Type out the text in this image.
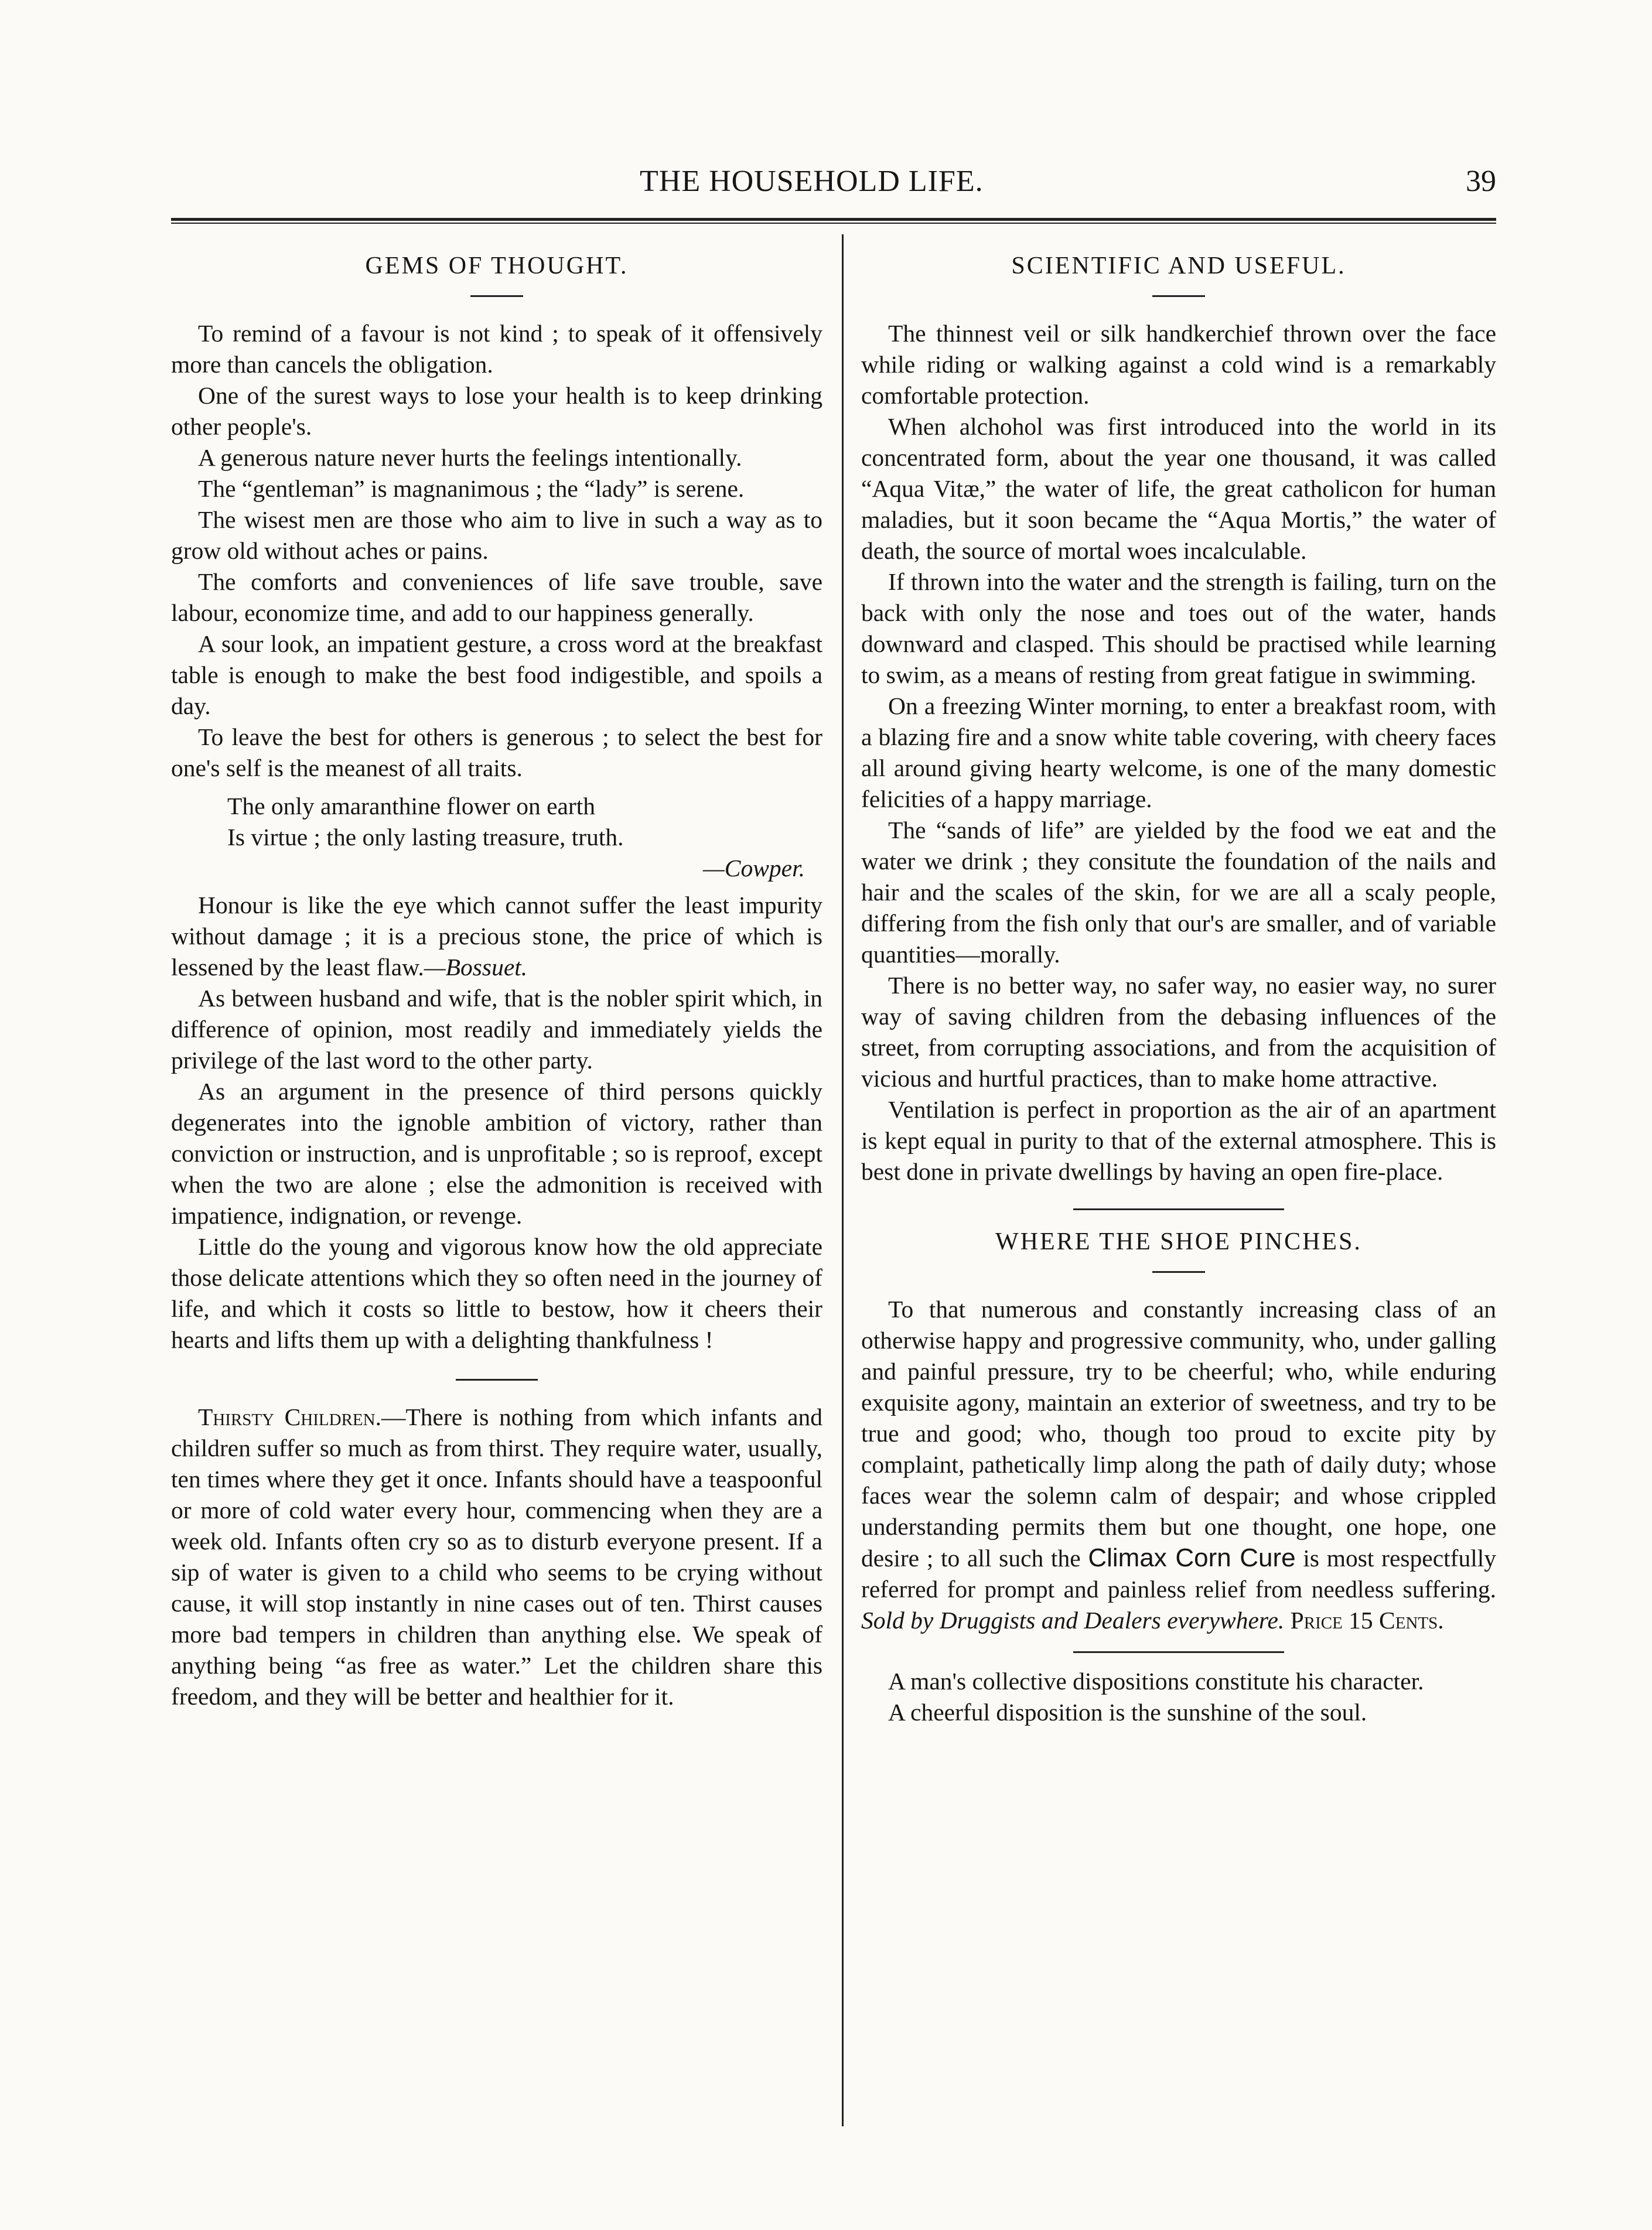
THE HOUSEHOLD LIFE.	39
GEMS OF THOUGHT.

To remind of a favour is not kind ; to speak of it offensively more than cancels the obligation.

One of the surest ways to lose your health is to keep drinking other people's.

A generous nature never hurts the feelings intentionally.

The “gentleman” is magnanimous ; the “lady” is serene.

The wisest men are those who aim to live in such a way as to grow old without aches or pains.

The comforts and conveniences of life save trouble, save labour, economize time, and add to our happiness generally.

A sour look, an impatient gesture, a cross word at the breakfast table is enough to make the best food indigestible, and spoils a day.

To leave the best for others is generous ; to select the best for one's self is the meanest of all traits.

The only amaranthine flower on earth
Is virtue ; the only lasting treasure, truth.
—Cowper.

Honour is like the eye which cannot suffer the least impurity without damage ; it is a precious stone, the price of which is lessened by the least flaw.—Bossuet.

As between husband and wife, that is the nobler spirit which, in difference of opinion, most readily and immediately yields the privilege of the last word to the other party.

As an argument in the presence of third persons quickly degenerates into the ignoble ambition of victory, rather than conviction or instruction, and is unprofitable ; so is reproof, except when the two are alone ; else the admonition is received with impatience, indignation, or revenge.

Little do the young and vigorous know how the old appreciate those delicate attentions which they so often need in the journey of life, and which it costs so little to bestow, how it cheers their hearts and lifts them up with a delighting thankfulness !

Thirsty Children.—There is nothing from which infants and children suffer so much as from thirst. They require water, usually, ten times where they get it once. Infants should have a teaspoonful or more of cold water every hour, commencing when they are a week old. Infants often cry so as to disturb everyone present. If a sip of water is given to a child who seems to be crying without cause, it will stop instantly in nine cases out of ten. Thirst causes more bad tempers in children than anything else. We speak of anything being “as free as water.” Let the children share this freedom, and they will be better and healthier for it.

SCIENTIFIC AND USEFUL.

The thinnest veil or silk handkerchief thrown over the face while riding or walking against a cold wind is a remarkably comfortable protection.

When alchohol was first introduced into the world in its concentrated form, about the year one thousand, it was called “Aqua Vitæ,” the water of life, the great catholicon for human maladies, but it soon became the “Aqua Mortis,” the water of death, the source of mortal woes incalculable.

If thrown into the water and the strength is failing, turn on the back with only the nose and toes out of the water, hands downward and clasped. This should be practised while learning to swim, as a means of resting from great fatigue in swimming.

On a freezing Winter morning, to enter a breakfast room, with a blazing fire and a snow white table covering, with cheery faces all around giving hearty welcome, is one of the many domestic felicities of a happy marriage.

The “sands of life” are yielded by the food we eat and the water we drink ; they consitute the foundation of the nails and hair and the scales of the skin, for we are all a scaly people, differing from the fish only that our's are smaller, and of variable quantities—morally.

There is no better way, no safer way, no easier way, no surer way of saving children from the debasing influences of the street, from corrupting associations, and from the acquisition of vicious and hurtful practices, than to make home attractive.

Ventilation is perfect in proportion as the air of an apartment is kept equal in purity to that of the external atmosphere. This is best done in private dwellings by having an open fire-place.

WHERE THE SHOE PINCHES.

To that numerous and constantly increasing class of an otherwise happy and progressive community, who, under galling and painful pressure, try to be cheerful; who, while enduring exquisite agony, maintain an exterior of sweetness, and try to be true and good; who, though too proud to excite pity by complaint, pathetically limp along the path of daily duty; whose faces wear the solemn calm of despair; and whose crippled understanding permits them but one thought, one hope, one desire ; to all such the Climax Corn Cure is most respectfully referred for prompt and painless relief from needless suffering. Sold by Druggists and Dealers everywhere. Price 15 Cents.

A man's collective dispositions constitute his character.

A cheerful disposition is the sunshine of the soul.
